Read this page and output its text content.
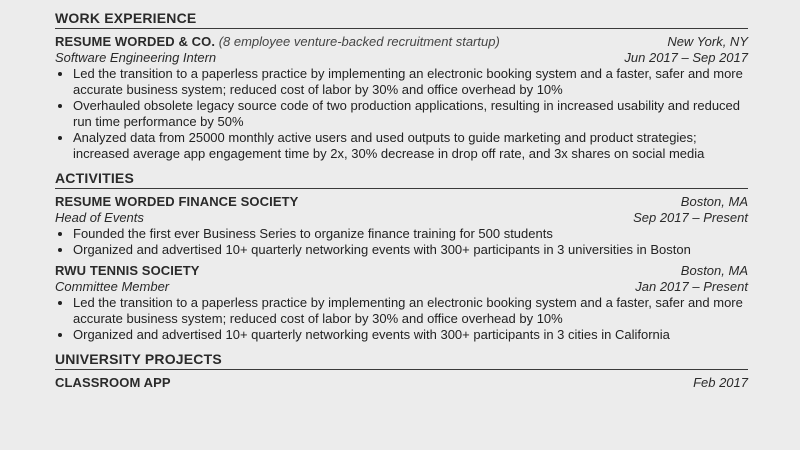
WORK EXPERIENCE
RESUME WORDED & CO. (8 employee venture-backed recruitment startup)	New York, NY
Software Engineering Intern	Jun 2017 – Sep 2017
• Led the transition to a paperless practice by implementing an electronic booking system and a faster, safer and more accurate business system; reduced cost of labor by 30% and office overhead by 10%
• Overhauled obsolete legacy source code of two production applications, resulting in increased usability and reduced run time performance by 50%
• Analyzed data from 25000 monthly active users and used outputs to guide marketing and product strategies; increased average app engagement time by 2x, 30% decrease in drop off rate, and 3x shares on social media
ACTIVITIES
RESUME WORDED FINANCE SOCIETY	Boston, MA
Head of Events	Sep 2017 – Present
• Founded the first ever Business Series to organize finance training for 500 students
• Organized and advertised 10+ quarterly networking events with 300+ participants in 3 universities in Boston
RWU TENNIS SOCIETY	Boston, MA
Committee Member	Jan 2017 – Present
• Led the transition to a paperless practice by implementing an electronic booking system and a faster, safer and more accurate business system; reduced cost of labor by 30% and office overhead by 10%
• Organized and advertised 10+ quarterly networking events with 300+ participants in 3 cities in California
UNIVERSITY PROJECTS
CLASSROOM APP	Feb 2017
